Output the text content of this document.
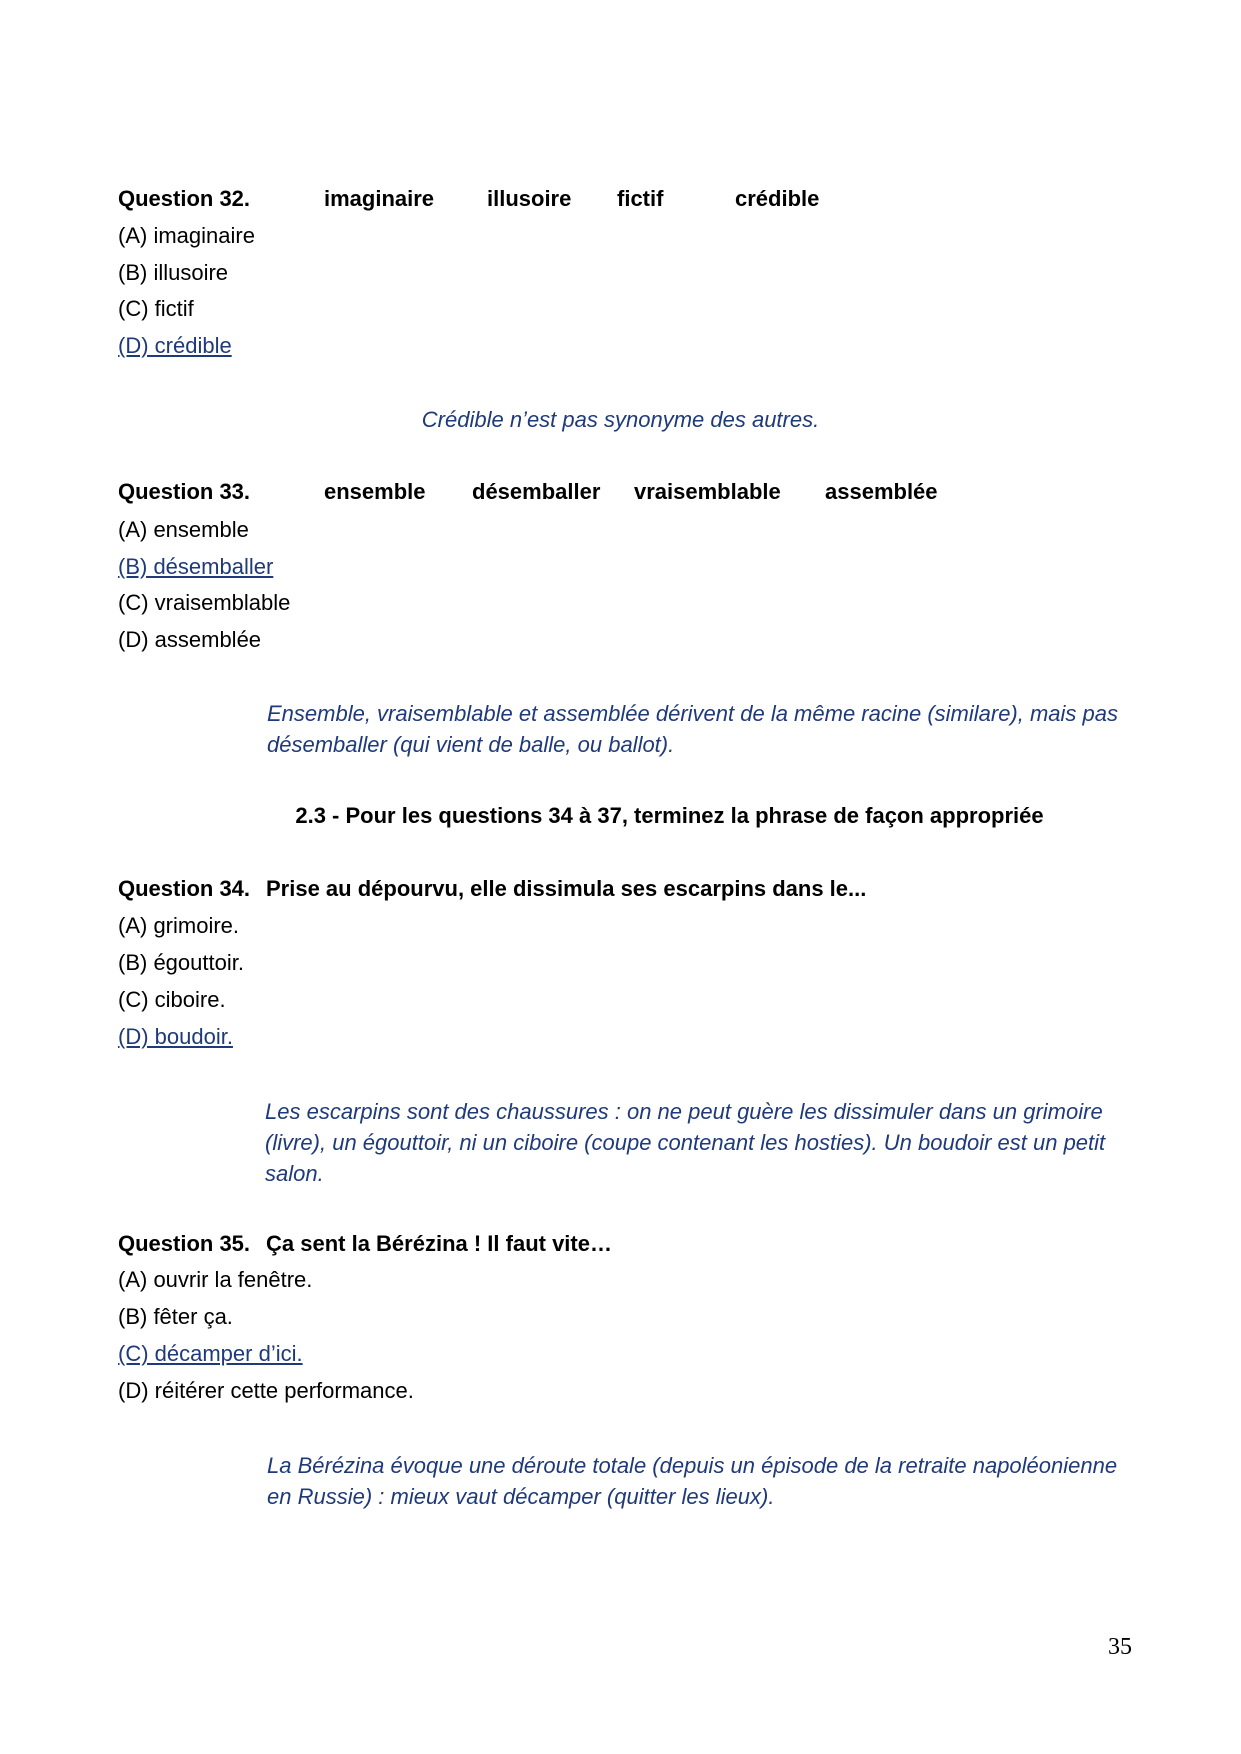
Question 32.	imaginaire illusoire fictif	crédible
(A) imaginaire
(B) illusoire
(C) fictif
(D) crédible
Crédible n’est pas synonyme des autres.
Question 33.	ensemble désemballer vraisemblable assemblée
(A) ensemble
(B) désemballer
(C) vraisemblable
(D) assemblée
Ensemble, vraisemblable et assemblée dérivent de la même racine (similare), mais pas
désemballer (qui vient de balle, ou ballot).
2.3 - Pour les questions 34 à 37, terminez la phrase de façon appropriée
Question 34. Prise au dépourvu, elle dissimula ses escarpins dans le...
(A) grimoire.
(B) égouttoir.
(C) ciboire.
(D) boudoir.
Les escarpins sont des chaussures : on ne peut guère les dissimuler dans un grimoire
(livre), un égouttoir, ni un ciboire (coupe contenant les hosties). Un boudoir est un petit
salon.
Question 35. Ça sent la Bérézina ! Il faut vite…
(A) ouvrir la fenêtre.
(B) fêter ça.
(C) décamper d’ici.
(D) réitérer cette performance.
La Bérézina évoque une déroute totale (depuis un épisode de la retraite napoléonienne
en Russie) : mieux vaut décamper (quitter les lieux).
35
